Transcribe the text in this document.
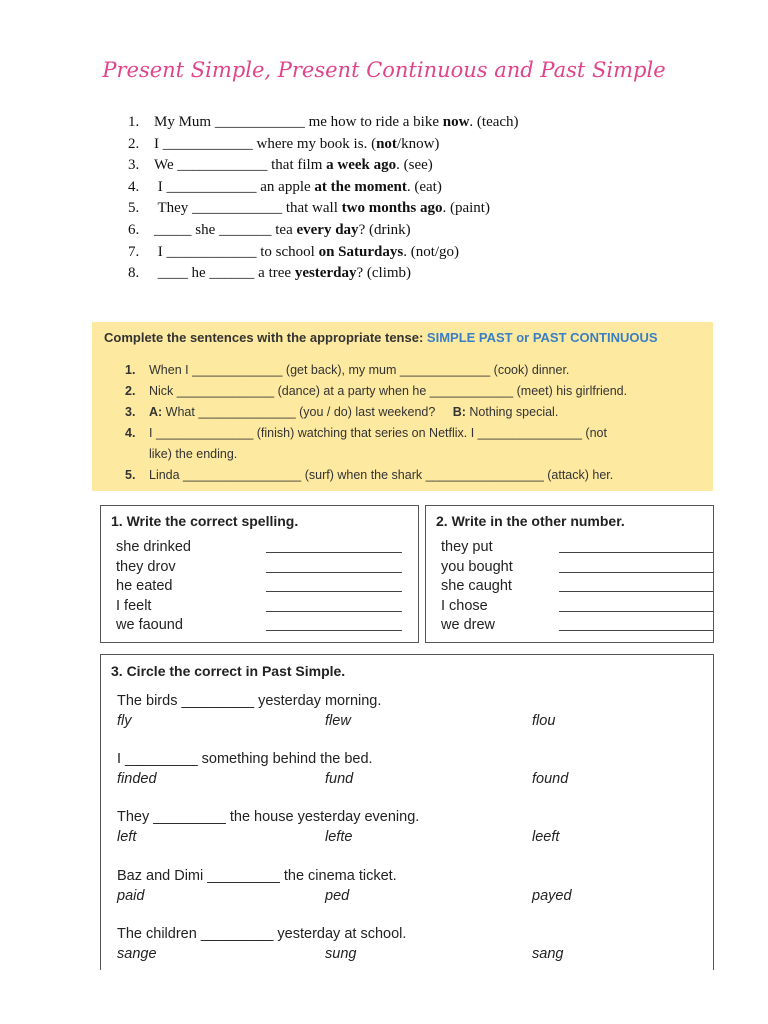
Present Simple, Present Continuous and Past Simple
1. My Mum ____________ me how to ride a bike now. (teach)
2. I ____________ where my book is. (not/know)
3. We ____________ that film a week ago. (see)
4. I ____________ an apple at the moment. (eat)
5. They ____________ that wall two months ago. (paint)
6. _____ she _______ tea every day? (drink)
7. I ____________ to school on Saturdays. (not/go)
8. ____ he ______ a tree yesterday? (climb)
Complete the sentences with the appropriate tense: SIMPLE PAST or PAST CONTINUOUS
1. When I _____________ (get back), my mum _____________ (cook) dinner.
2. Nick ______________ (dance) at a party when he ____________ (meet) his girlfriend.
3. A: What ______________ (you / do) last weekend? B: Nothing special.
4. I ______________ (finish) watching that series on Netflix. I _______________ (not
like) the ending.
5. Linda _________________ (surf) when the shark _________________ (attack) her.
1. Write the correct spelling.
she drinked
they drov
he eated
I feelt
we faound
2. Write in the other number.
they put
you bought
she caught
I chose
we drew
3. Circle the correct in Past Simple.
The birds _________ yesterday morning.
fly	flew	flou
I _________ something behind the bed.
finded	fund	found
They _________ the house yesterday evening.
left	lefte	leeft
Baz and Dimi _________ the cinema ticket.
paid	ped	payed
The children _________ yesterday at school.
sange	sung	sang
